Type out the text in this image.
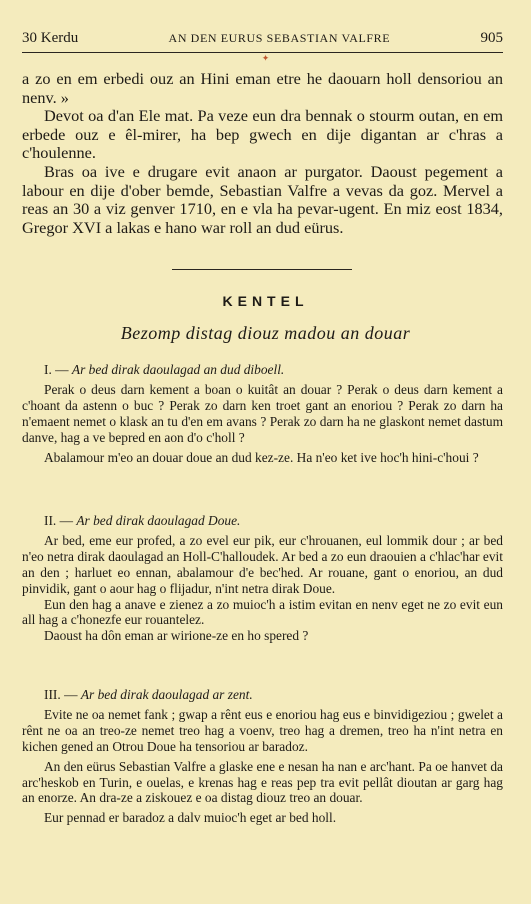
30 Kerdu	AN DEN EURUS SEBASTIAN VALFRE	905
✦

a zo en em erbedi ouz an Hini eman etre he daouarn holl densoriou an nenv. »

Devot oa d'an Ele mat. Pa veze eun dra bennak o stourm outan, en em erbede ouz e êl-mirer, ha bep gwech en dije digantan ar c'hras a c'houlenne.

Bras oa ive e drugare evit anaon ar purgator. Daoust pegement a labour en dije d'ober bemde, Sebastian Valfre a vevas da goz. Mervel a reas an 30 a viz genver 1710, en e vla ha pevar-ugent. En miz eost 1834, Gregor XVI a lakas e hano war roll an dud eürus.

KENTEL
Bezomp distag diouz madou an douar

I. — Ar bed dirak daoulagad an dud diboell.

Perak o deus darn kement a boan o kuitât an douar ? Perak o deus darn kement a c'hoant da astenn o buc ? Perak zo darn ken troet gant an enoriou ? Perak zo darn ha n'emaent nemet o klask an tu d'en em avans ? Perak zo darn ha ne glaskont nemet dastum danve, hag a ve bepred en aon d'o c'holl ?

Abalamour m'eo an douar doue an dud kez-ze. Ha n'eo ket ive hoc'h hini-c'houi ?

II. — Ar bed dirak daoulagad Doue.

Ar bed, eme eur profed, a zo evel eur pik, eur c'hrouanen, eul lommik dour ; ar bed n'eo netra dirak daoulagad an Holl-C'halloudek. Ar bed a zo eun draouien a c'hlac'har evit an den ; harluet eo ennan, abalamour d'e bec'hed. Ar rouane, gant o enoriou, an dud pinvidik, gant o aour hag o flijadur, n'int netra dirak Doue.

Eun den hag a anave e zienez a zo muioc'h a istim evitan en nenv eget ne zo evit eun all hag a c'honezfe eur rouantelez.

Daoust ha dôn eman ar wirione-ze en ho spered ?

III. — Ar bed dirak daoulagad ar zent.

Evite ne oa nemet fank ; gwap a rênt eus e enoriou hag eus e binvidigeziou ; gwelet a rênt ne oa an treo-ze nemet treo hag a voenv, treo hag a dremen, treo ha n'int netra en kichen gened an Otrou Doue ha tensoriou ar baradoz.

An den eürus Sebastian Valfre a glaske ene e nesan ha nan e arc'hant. Pa oe hanvet da arc'heskob en Turin, e ouelas, e krenas hag e reas pep tra evit pellât dioutan ar garg hag an enorze. An dra-ze a ziskouez e oa distag diouz treo an douar.

Eur pennad er baradoz a dalv muioc'h eget ar bed holl.
